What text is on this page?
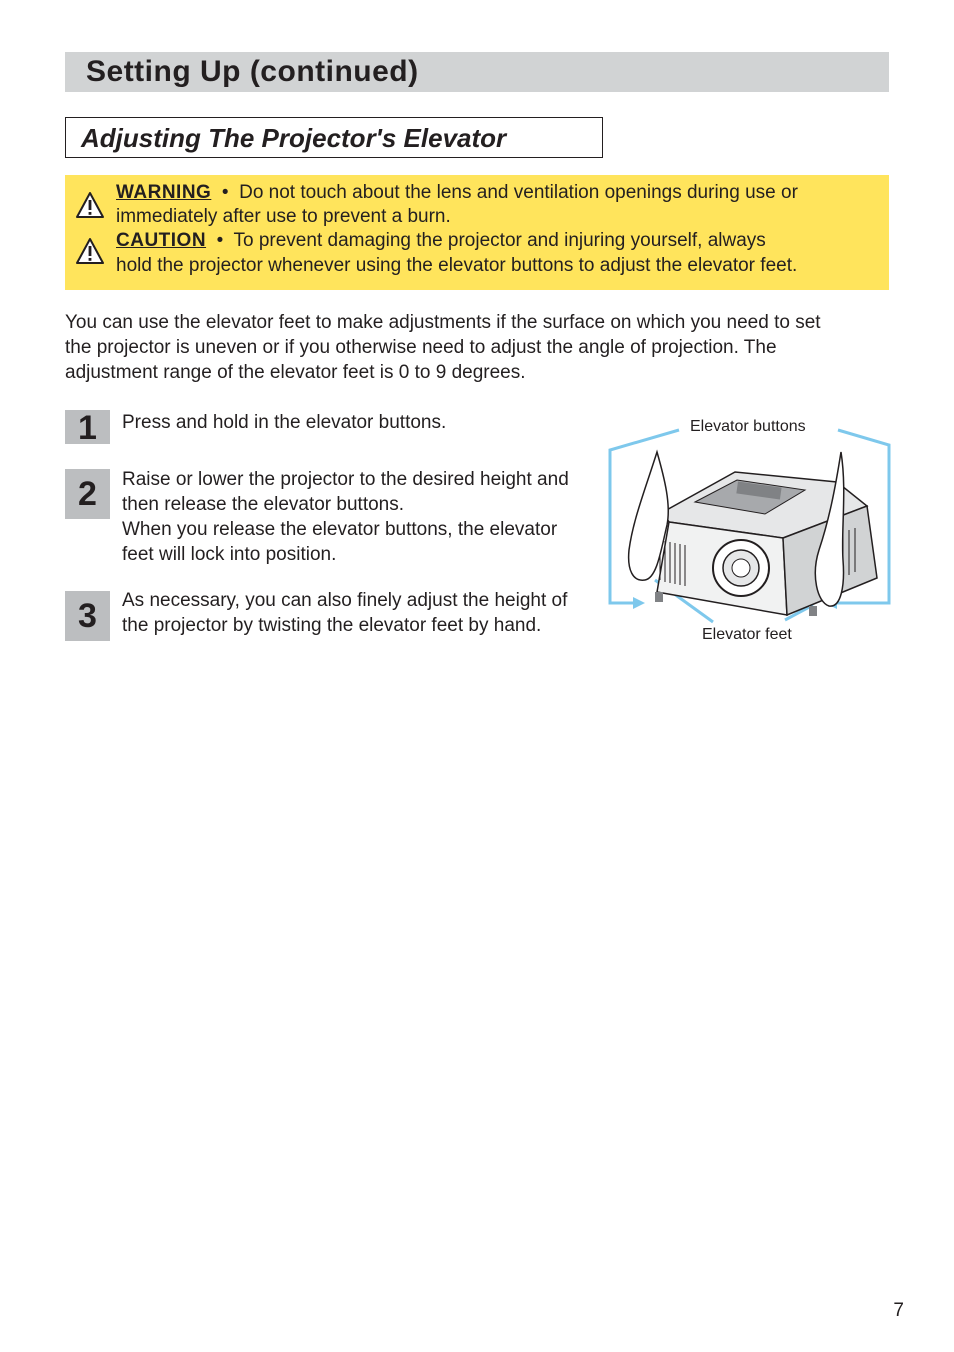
Setting Up (continued)
Adjusting The Projector's Elevator
WARNING • Do not touch about the lens and ventilation openings during use or
immediately after use to prevent a burn.
CAUTION • To prevent damaging the projector and injuring yourself, always
hold the projector whenever using the elevator buttons to adjust the elevator feet.
You can use the elevator feet to make adjustments if the surface on which you need to set
the projector is uneven or if you otherwise need to adjust the angle of projection. The
adjustment range of the elevator feet is 0 to 9 degrees.
1	Press and hold in the elevator buttons.
2	Raise or lower the projector to the desired height and
then release the elevator buttons.
When you release the elevator buttons, the elevator
feet will lock into position.
3	As necessary, you can also finely adjust the height of
the projector by twisting the elevator feet by hand.
Elevator buttons
Elevator feet
7
